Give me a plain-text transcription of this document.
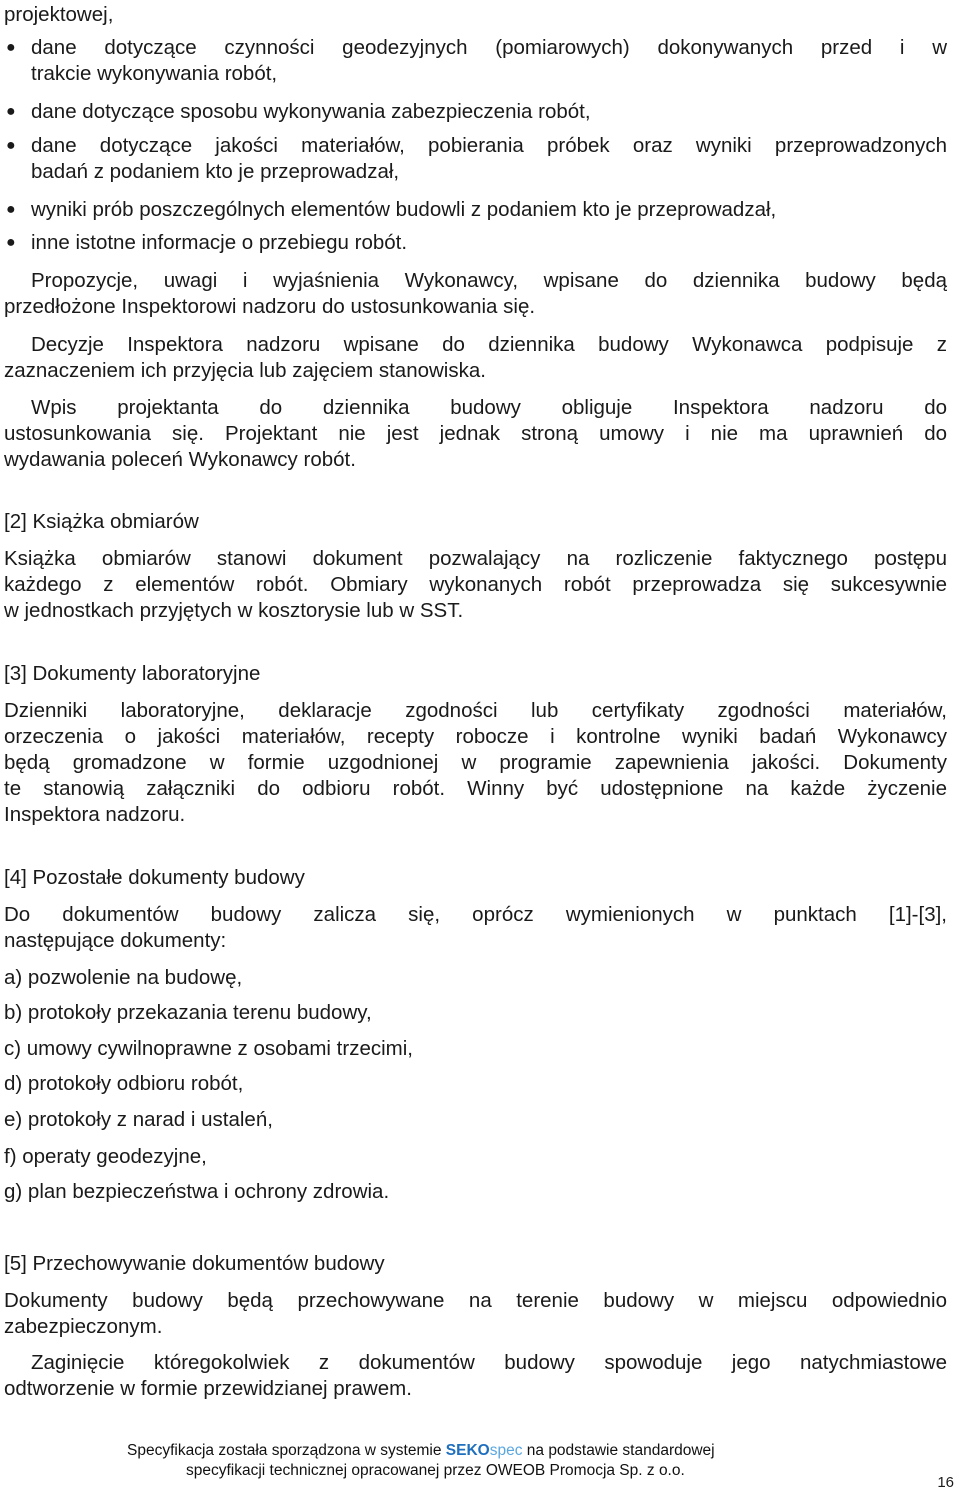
projektowej,
● dane dotyczące czynności geodezyjnych (pomiarowych) dokonywanych przed i w
trakcie wykonywania robót,
● dane dotyczące sposobu wykonywania zabezpieczenia robót,
● dane dotyczące jakości materiałów, pobierania próbek oraz wyniki przeprowadzonych
badań z podaniem kto je przeprowadzał,
● wyniki prób poszczególnych elementów budowli z podaniem kto je przeprowadzał,
● inne istotne informacje o przebiegu robót.
Propozycje, uwagi i wyjaśnienia Wykonawcy, wpisane do dziennika budowy będą
przedłożone Inspektorowi nadzoru do ustosunkowania się.
Decyzje Inspektora nadzoru wpisane do dziennika budowy Wykonawca podpisuje z
zaznaczeniem ich przyjęcia lub zajęciem stanowiska.
Wpis projektanta do dziennika budowy obliguje Inspektora nadzoru do
ustosunkowania się. Projektant nie jest jednak stroną umowy i nie ma uprawnień do
wydawania poleceń Wykonawcy robót.
[2] Książka obmiarów
Książka obmiarów stanowi dokument pozwalający na rozliczenie faktycznego postępu
każdego z elementów robót. Obmiary wykonanych robót przeprowadza się sukcesywnie
w jednostkach przyjętych w kosztorysie lub w SST.
[3] Dokumenty laboratoryjne
Dzienniki laboratoryjne, deklaracje zgodności lub certyfikaty zgodności materiałów,
orzeczenia o jakości materiałów, recepty robocze i kontrolne wyniki badań Wykonawcy
będą gromadzone w formie uzgodnionej w programie zapewnienia jakości. Dokumenty
te stanowią załączniki do odbioru robót. Winny być udostępnione na każde życzenie
Inspektora nadzoru.
[4] Pozostałe dokumenty budowy
Do dokumentów budowy zalicza się, oprócz wymienionych w punktach [1]-[3],
następujące dokumenty:
a) pozwolenie na budowę,
b) protokoły przekazania terenu budowy,
c) umowy cywilnoprawne z osobami trzecimi,
d) protokoły odbioru robót,
e) protokoły z narad i ustaleń,
f) operaty geodezyjne,
g) plan bezpieczeństwa i ochrony zdrowia.
[5] Przechowywanie dokumentów budowy
Dokumenty budowy będą przechowywane na terenie budowy w miejscu odpowiednio
zabezpieczonym.
Zaginięcie któregokolwiek z dokumentów budowy spowoduje jego natychmiastowe
odtworzenie w formie przewidzianej prawem.
Specyfikacja została sporządzona w systemie SEKOspec na podstawie standardowej
specyfikacji technicznej opracowanej przez OWEOB Promocja Sp. z o.o.
16
